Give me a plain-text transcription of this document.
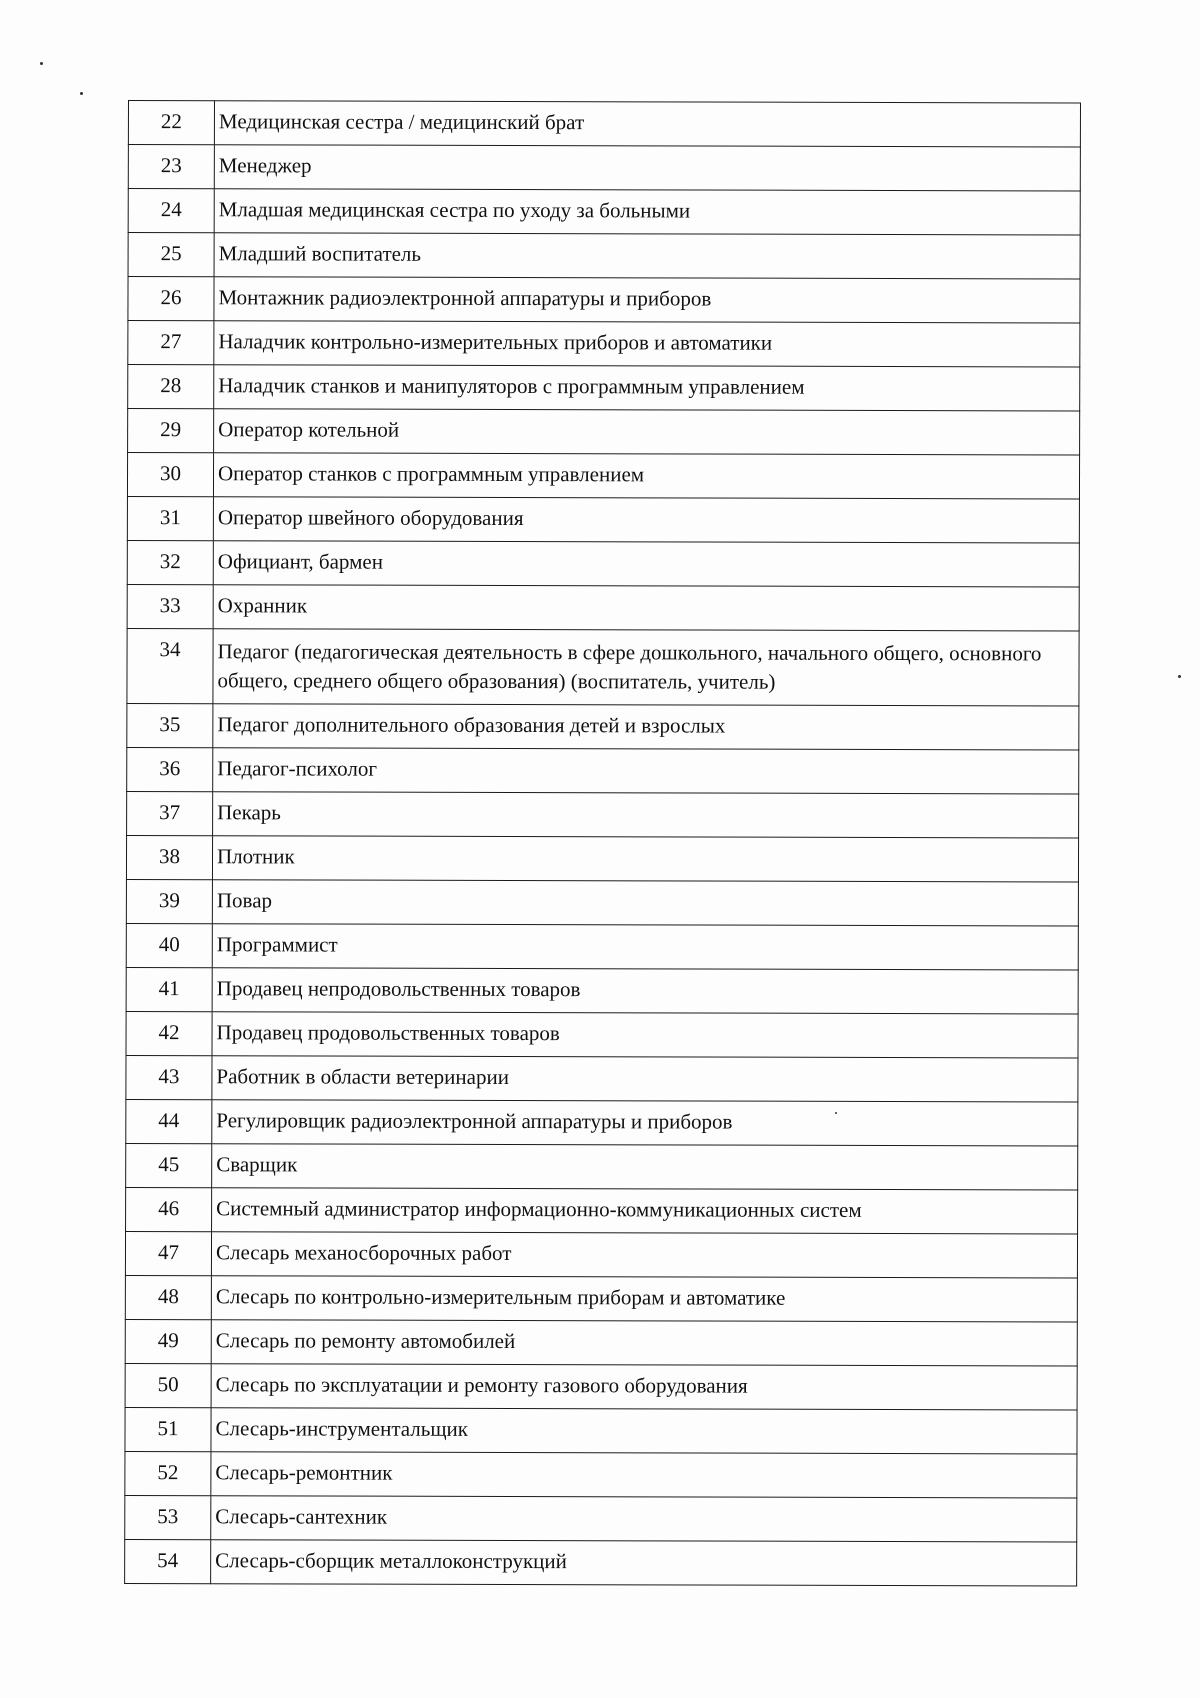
22	Медицинская сестра / медицинский брат
23	Менеджер
24	Младшая медицинская сестра по уходу за больными
25	Младший воспитатель
26	Монтажник радиоэлектронной аппаратуры и приборов
27	Наладчик контрольно-измерительных приборов и автоматики
28	Наладчик станков и манипуляторов с программным управлением
29	Оператор котельной
30	Оператор станков с программным управлением
31	Оператор швейного оборудования
32	Официант, бармен
33	Охранник
34	Педагог (педагогическая деятельность в сфере дошкольного, начального общего, основного общего, среднего общего образования) (воспитатель, учитель)
35	Педагог дополнительного образования детей и взрослых
36	Педагог-психолог
37	Пекарь
38	Плотник
39	Повар
40	Программист
41	Продавец непродовольственных товаров
42	Продавец продовольственных товаров
43	Работник в области ветеринарии
44	Регулировщик радиоэлектронной аппаратуры и приборов
45	Сварщик
46	Системный администратор информационно-коммуникационных систем
47	Слесарь механосборочных работ
48	Слесарь по контрольно-измерительным приборам и автоматике
49	Слесарь по ремонту автомобилей
50	Слесарь по эксплуатации и ремонту газового оборудования
51	Слесарь-инструментальщик
52	Слесарь-ремонтник
53	Слесарь-сантехник
54	Слесарь-сборщик металлоконструкций
